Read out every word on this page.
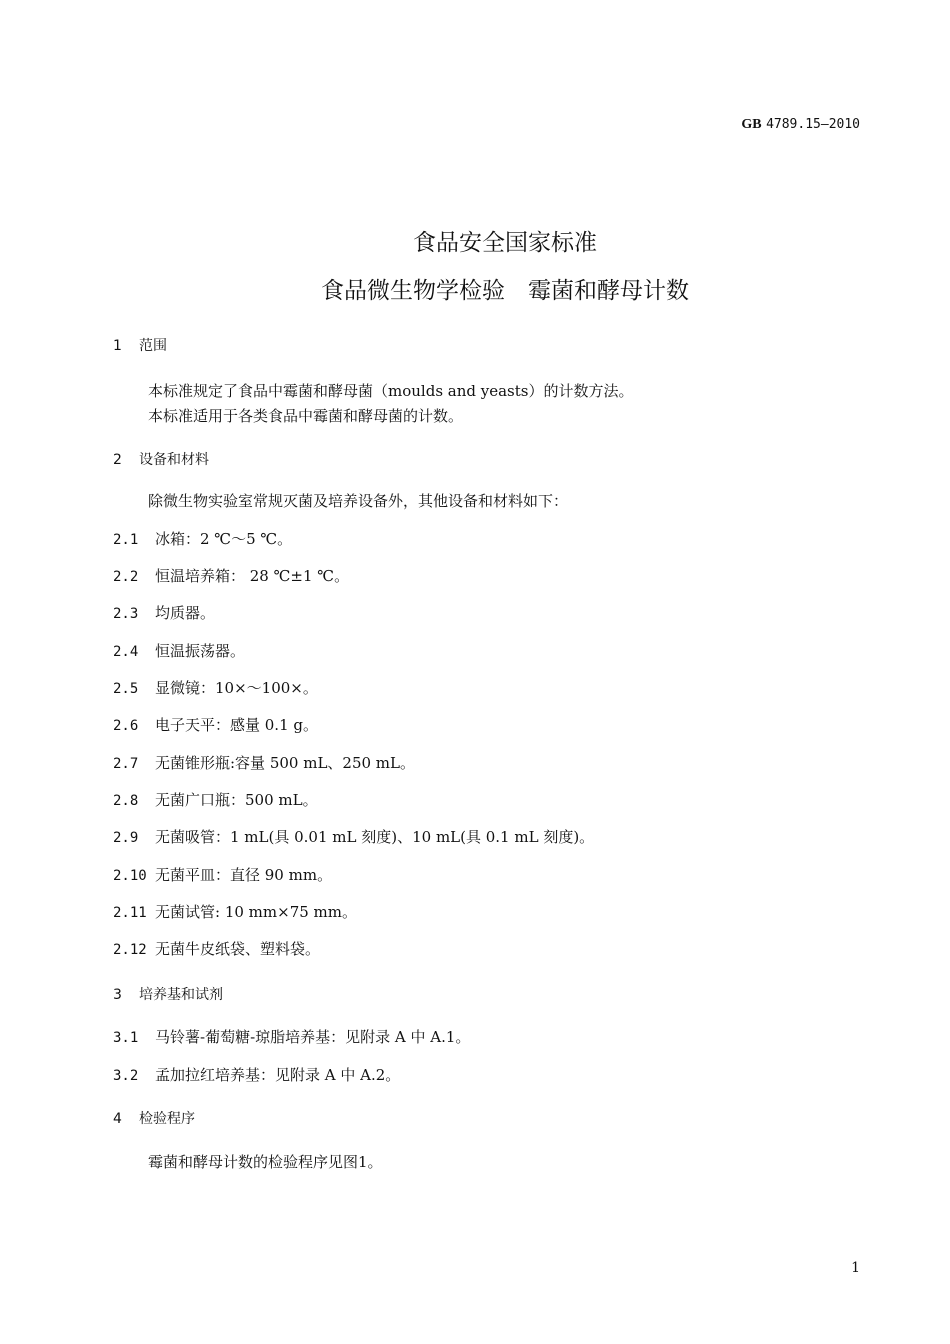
GB 4789.15—2010
食品安全国家标准
食品微生物学检验　霉菌和酵母计数
1 范围
本标准规定了食品中霉菌和酵母菌（moulds and yeasts）的计数方法。
本标准适用于各类食品中霉菌和酵母菌的计数。
2 设备和材料
除微生物实验室常规灭菌及培养设备外，其他设备和材料如下：
2.1 冰箱：2 ℃～5 ℃。
2.2 恒温培养箱： 28 ℃±1 ℃。
2.3 均质器。
2.4 恒温振荡器。
2.5 显微镜：10×～100×。
2.6 电子天平：感量 0.1 g。
2.7 无菌锥形瓶:容量 500 mL、250 mL。
2.8 无菌广口瓶：500 mL。
2.9 无菌吸管：1 mL(具 0.01 mL 刻度)、10 mL(具 0.1 mL 刻度)。
2.10 无菌平皿：直径 90 mm。
2.11 无菌试管: 10 mm×75 mm。
2.12 无菌牛皮纸袋、塑料袋。
3 培养基和试剂
3.1 马铃薯-葡萄糖-琼脂培养基：见附录 A 中 A.1。
3.2 孟加拉红培养基：见附录 A 中 A.2。
4 检验程序
霉菌和酵母计数的检验程序见图1。
1
